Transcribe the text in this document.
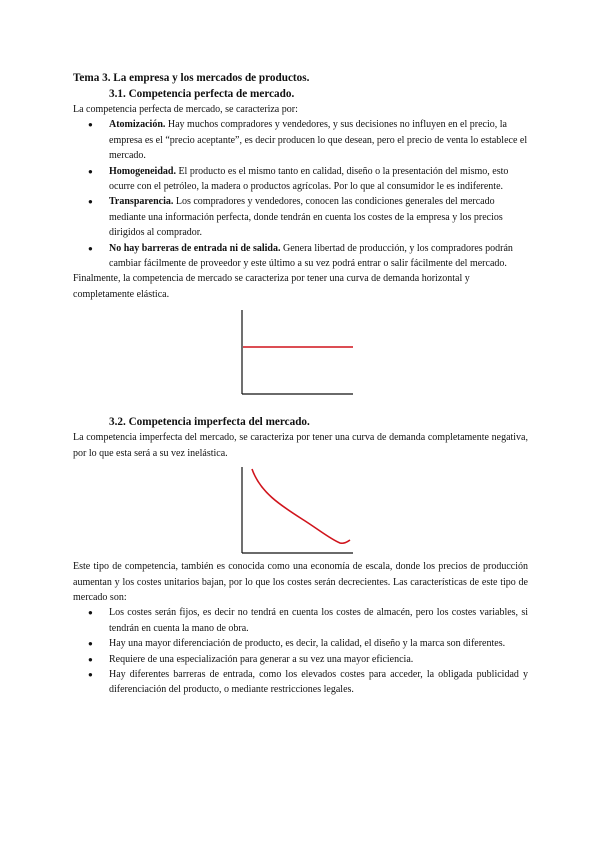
Tema 3. La empresa y los mercados de productos.
3.1. Competencia perfecta de mercado.

La competencia perfecta de mercado, se caracteriza por:

● Atomización. Hay muchos compradores y vendedores, y sus decisiones no influyen en el precio, la empresa es el “precio aceptante”, es decir producen lo que desean, pero el precio de venta lo establece el mercado.
● Homogeneidad. El producto es el mismo tanto en calidad, diseño o la presentación del mismo, esto ocurre con el petróleo, la madera o productos agrícolas. Por lo que al consumidor le es indiferente.
● Transparencia. Los compradores y vendedores, conocen las condiciones generales del mercado mediante una información perfecta, donde tendrán en cuenta los costes de la empresa y los precios dirigidos al comprador.
● No hay barreras de entrada ni de salida. Genera libertad de producción, y los compradores podrán cambiar fácilmente de proveedor y este último a su vez podrá entrar o salir fácilmente del mercado.

Finalmente, la competencia de mercado se caracteriza por tener una curva de demanda horizontal y completamente elástica.

3.2. Competencia imperfecta del mercado.

La competencia imperfecta del mercado, se caracteriza por tener una curva de demanda completamente negativa, por lo que esta será a su vez inelástica.

Este tipo de competencia, también es conocida como una economía de escala, donde los precios de producción aumentan y los costes unitarios bajan, por lo que los costes serán decrecientes. Las características de este tipo de mercado son:

● Los costes serán fijos, es decir no tendrá en cuenta los costes de almacén, pero los costes variables, si tendrán en cuenta la mano de obra.
● Hay una mayor diferenciación de producto, es decir, la calidad, el diseño y la marca son diferentes.
● Requiere de una especialización para generar a su vez una mayor eficiencia.
● Hay diferentes barreras de entrada, como los elevados costes para acceder, la obligada publicidad y diferenciación del producto, o mediante restricciones legales.
